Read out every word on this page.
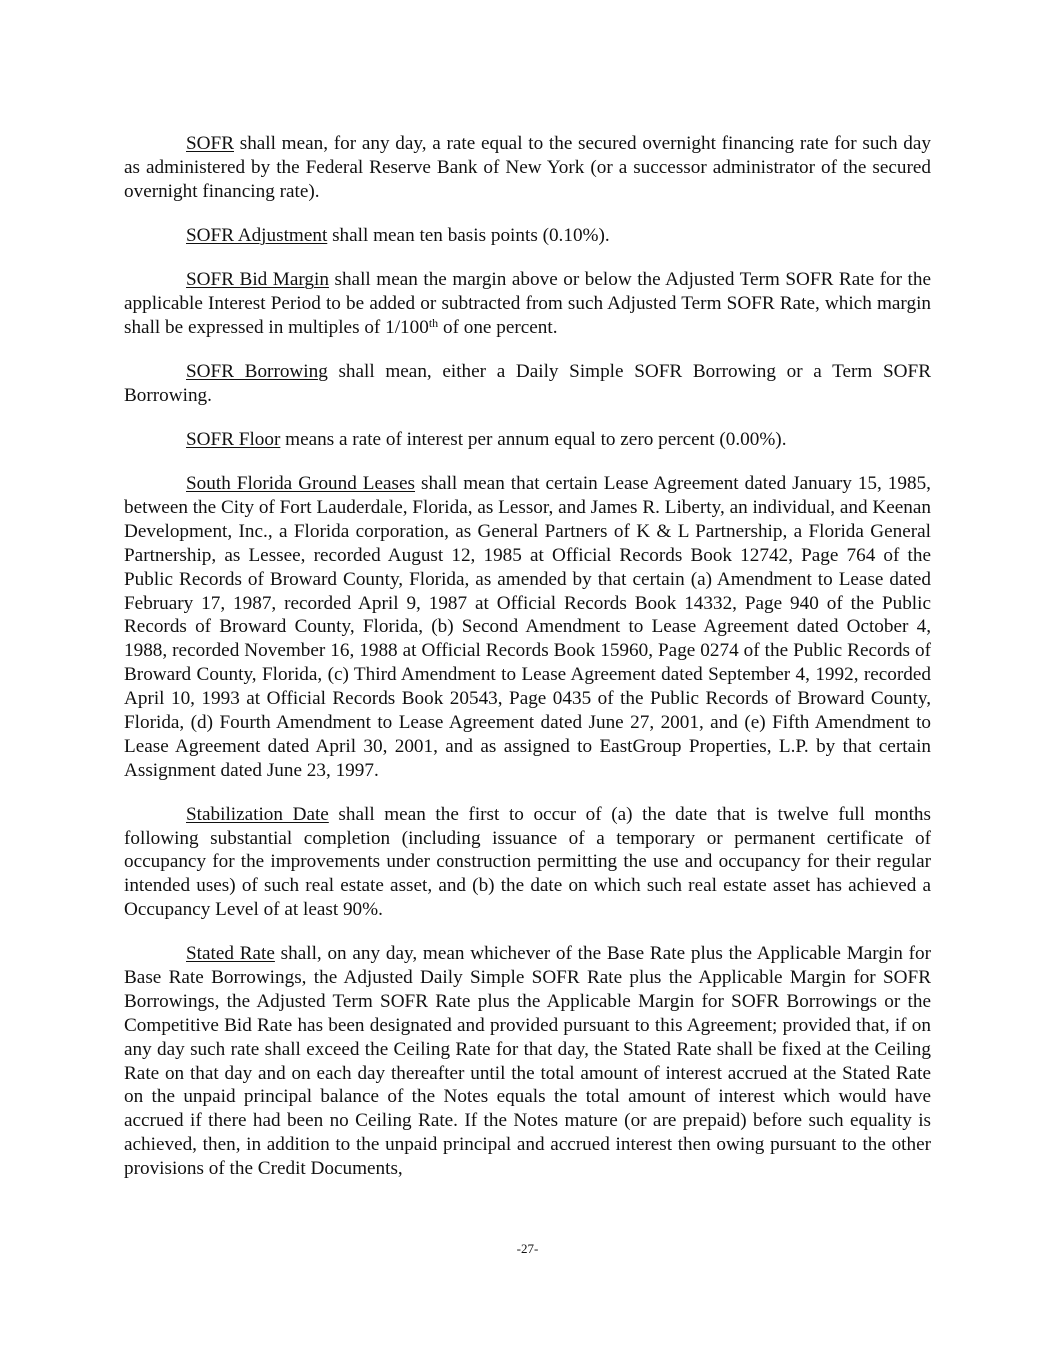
SOFR shall mean, for any day, a rate equal to the secured overnight financing rate for such day as administered by the Federal Reserve Bank of New York (or a successor administrator of the secured overnight financing rate).

SOFR Adjustment shall mean ten basis points (0.10%).

SOFR Bid Margin shall mean the margin above or below the Adjusted Term SOFR Rate for the applicable Interest Period to be added or subtracted from such Adjusted Term SOFR Rate, which margin shall be expressed in multiples of 1/100th of one percent.

SOFR Borrowing shall mean, either a Daily Simple SOFR Borrowing or a Term SOFR Borrowing.

SOFR Floor means a rate of interest per annum equal to zero percent (0.00%).

South Florida Ground Leases shall mean that certain Lease Agreement dated January 15, 1985, between the City of Fort Lauderdale, Florida, as Lessor, and James R. Liberty, an individual, and Keenan Development, Inc., a Florida corporation, as General Partners of K & L Partnership, a Florida General Partnership, as Lessee, recorded August 12, 1985 at Official Records Book 12742, Page 764 of the Public Records of Broward County, Florida, as amended by that certain (a) Amendment to Lease dated February 17, 1987, recorded April 9, 1987 at Official Records Book 14332, Page 940 of the Public Records of Broward County, Florida, (b) Second Amendment to Lease Agreement dated October 4, 1988, recorded November 16, 1988 at Official Records Book 15960, Page 0274 of the Public Records of Broward County, Florida, (c) Third Amendment to Lease Agreement dated September 4, 1992, recorded April 10, 1993 at Official Records Book 20543, Page 0435 of the Public Records of Broward County, Florida, (d) Fourth Amendment to Lease Agreement dated June 27, 2001, and (e) Fifth Amendment to Lease Agreement dated April 30, 2001, and as assigned to EastGroup Properties, L.P. by that certain Assignment dated June 23, 1997.

Stabilization Date shall mean the first to occur of (a) the date that is twelve full months following substantial completion (including issuance of a temporary or permanent certificate of occupancy for the improvements under construction permitting the use and occupancy for their regular intended uses) of such real estate asset, and (b) the date on which such real estate asset has achieved a Occupancy Level of at least 90%.

Stated Rate shall, on any day, mean whichever of the Base Rate plus the Applicable Margin for Base Rate Borrowings, the Adjusted Daily Simple SOFR Rate plus the Applicable Margin for SOFR Borrowings, the Adjusted Term SOFR Rate plus the Applicable Margin for SOFR Borrowings or the Competitive Bid Rate has been designated and provided pursuant to this Agreement; provided that, if on any day such rate shall exceed the Ceiling Rate for that day, the Stated Rate shall be fixed at the Ceiling Rate on that day and on each day thereafter until the total amount of interest accrued at the Stated Rate on the unpaid principal balance of the Notes equals the total amount of interest which would have accrued if there had been no Ceiling Rate. If the Notes mature (or are prepaid) before such equality is achieved, then, in addition to the unpaid principal and accrued interest then owing pursuant to the other provisions of the Credit Documents,

-27-
